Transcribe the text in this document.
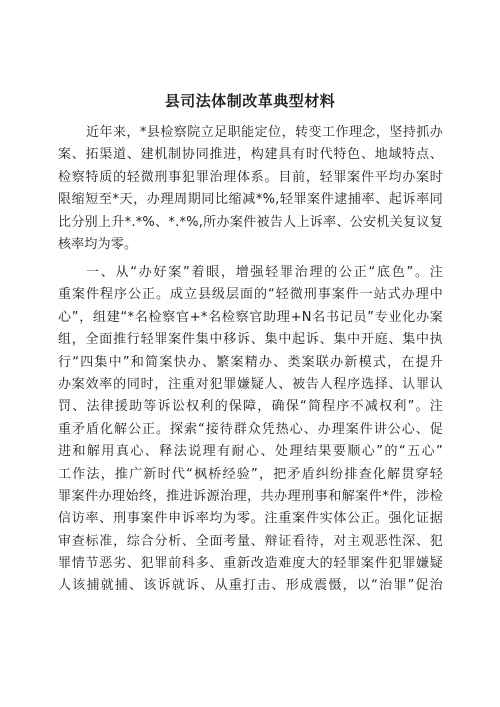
县司法体制改革典型材料
近年来，*县检察院立足职能定位，转变工作理念，坚持抓办
案、拓渠道、建机制协同推进，构建具有时代特色、地域特点、
检察特质的轻微刑事犯罪治理体系。目前，轻罪案件平均办案时
限缩短至*天，办理周期同比缩减*%,轻罪案件逮捕率、起诉率同
比分别上升*.*%、*.*%,所办案件被告人上诉率、公安机关复议复
核率均为零。
一、从“办好案”着眼，增强轻罪治理的公正“底色”。注
重案件程序公正。成立县级层面的“轻微刑事案件一站式办理中
心”，组建“*名检察官+*名检察官助理+N名书记员”专业化办案
组，全面推行轻罪案件集中移诉、集中起诉、集中开庭、集中执
行“四集中”和简案快办、繁案精办、类案联办新模式，在提升
办案效率的同时，注重对犯罪嫌疑人、被告人程序选择、认罪认
罚、法律援助等诉讼权利的保障，确保“简程序不减权利”。注
重矛盾化解公正。探索“接待群众凭热心、办理案件讲公心、促
进和解用真心、释法说理有耐心、处理结果要顺心”的“五心”
工作法，推广新时代“枫桥经验”，把矛盾纠纷排查化解贯穿轻
罪案件办理始终，推进诉源治理，共办理刑事和解案件*件，涉检
信访率、刑事案件申诉率均为零。注重案件实体公正。强化证据
审查标准，综合分析、全面考量、辩证看待，对主观恶性深、犯
罪情节恶劣、犯罪前科多、重新改造难度大的轻罪案件犯罪嫌疑
人该捕就捕、该诉就诉、从重打击、形成震慑，以“治罪”促治
